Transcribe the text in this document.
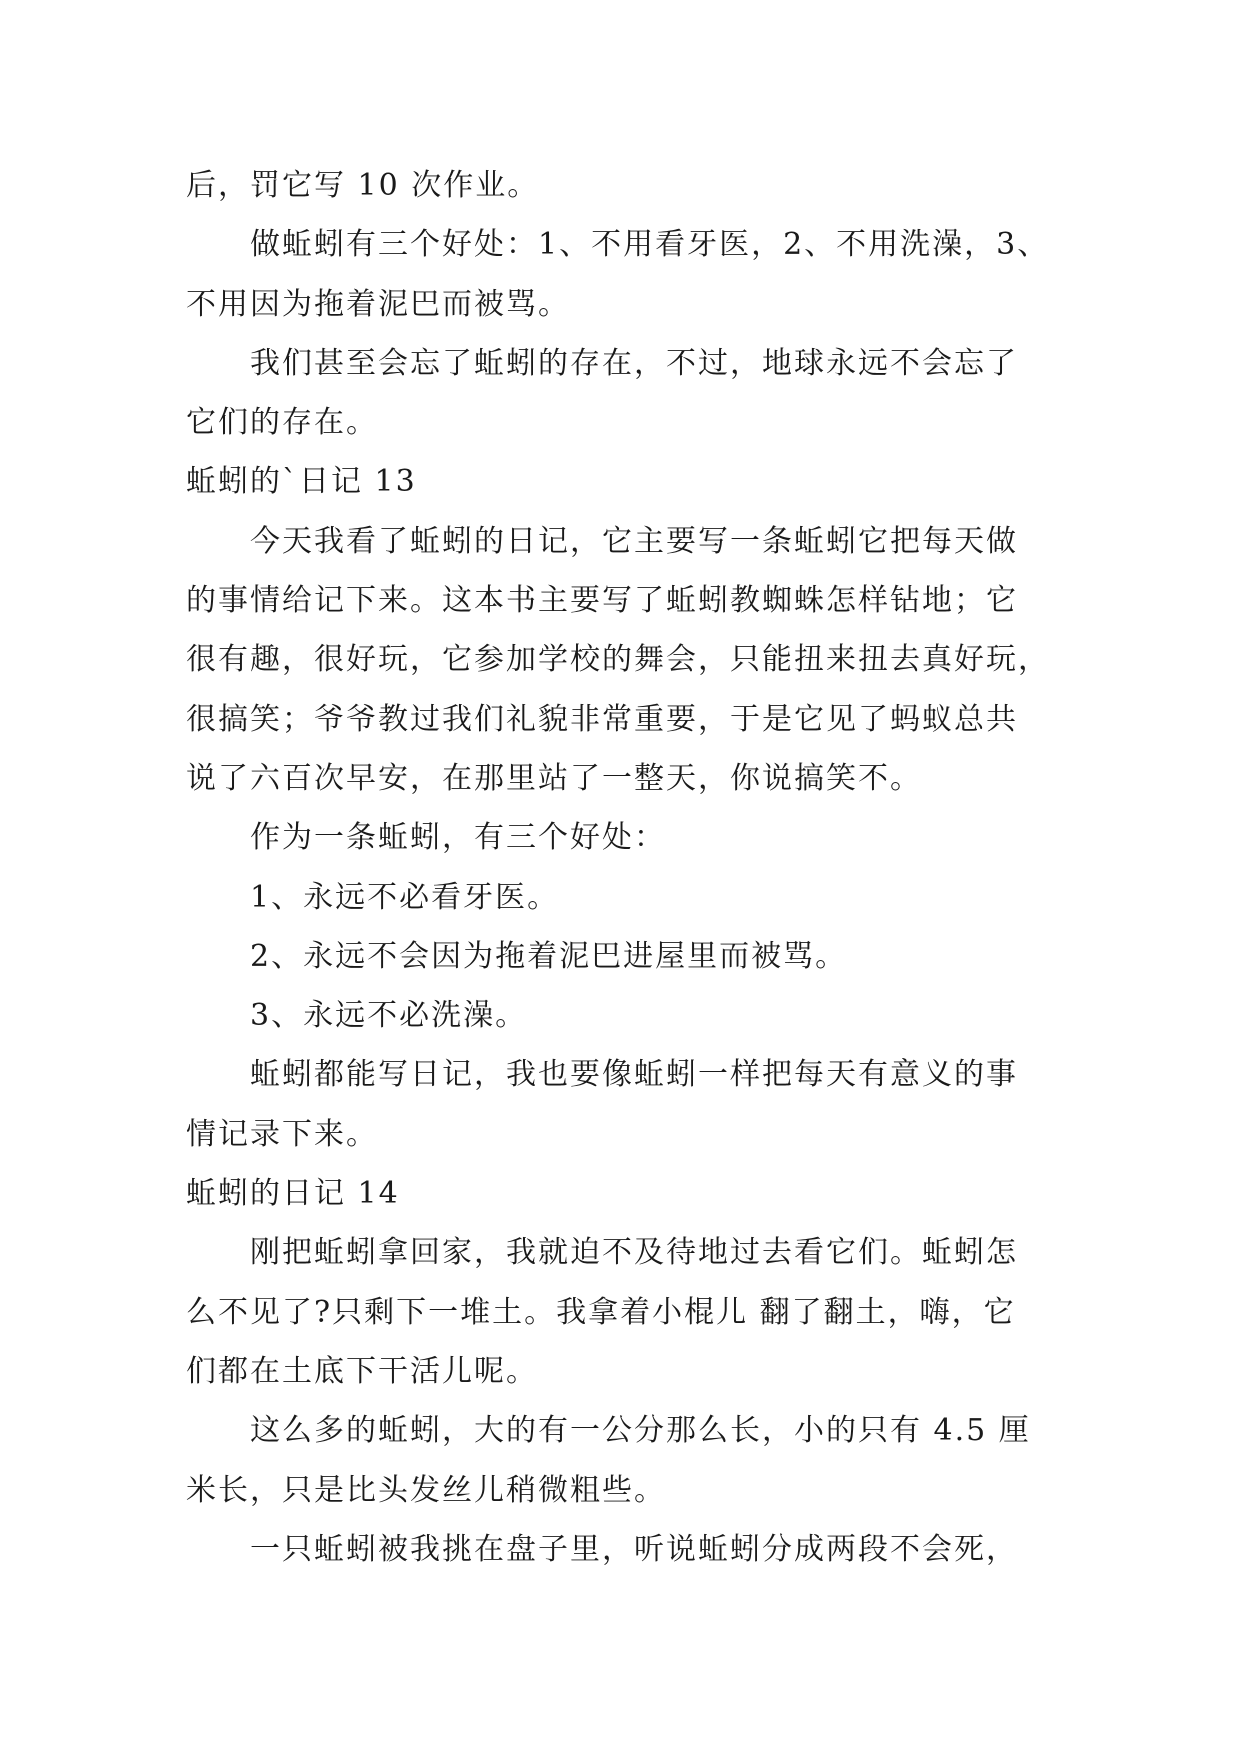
后，罚它写 10 次作业。
做蚯蚓有三个好处：1、不用看牙医，2、不用洗澡，3、
不用因为拖着泥巴而被骂。
我们甚至会忘了蚯蚓的存在，不过，地球永远不会忘了
它们的存在。
蚯蚓的`日记 13
今天我看了蚯蚓的日记，它主要写一条蚯蚓它把每天做
的事情给记下来。这本书主要写了蚯蚓教蜘蛛怎样钻地；它
很有趣，很好玩，它参加学校的舞会，只能扭来扭去真好玩，
很搞笑；爷爷教过我们礼貌非常重要，于是它见了蚂蚁总共
说了六百次早安，在那里站了一整天，你说搞笑不。
作为一条蚯蚓，有三个好处：
1、永远不必看牙医。
2、永远不会因为拖着泥巴进屋里而被骂。
3、永远不必洗澡。
蚯蚓都能写日记，我也要像蚯蚓一样把每天有意义的事
情记录下来。
蚯蚓的日记 14
刚把蚯蚓拿回家，我就迫不及待地过去看它们。蚯蚓怎
么不见了?只剩下一堆土。我拿着小棍儿 翻了翻土，嗨，它
们都在土底下干活儿呢。
这么多的蚯蚓，大的有一公分那么长，小的只有 4.5 厘
米长，只是比头发丝儿稍微粗些。
一只蚯蚓被我挑在盘子里，听说蚯蚓分成两段不会死，
